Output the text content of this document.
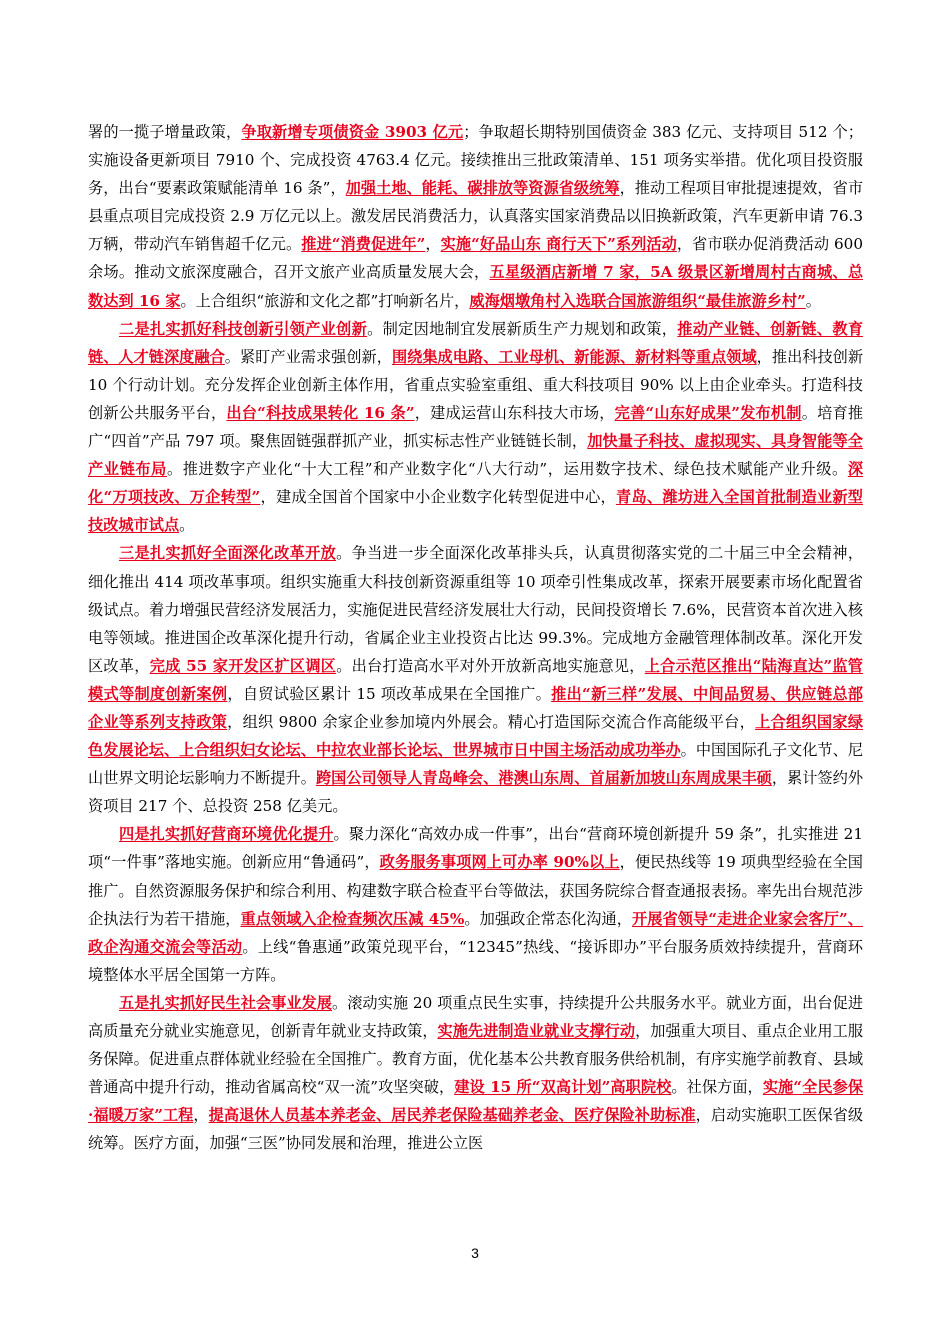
署的一揽子增量政策，争取新增专项债资金 3903 亿元；争取超长期特别国债资金 383 亿元、支持项目 512 个；实施设备更新项目 7910 个、完成投资 4763.4 亿元。接续推出三批政策清单、151 项务实举措。优化项目投资服务，出台“要素政策赋能清单 16 条”，加强土地、能耗、碳排放等资源省级统筹，推动工程项目审批提速提效，省市县重点项目完成投资 2.9 万亿元以上。激发居民消费活力，认真落实国家消费品以旧换新政策，汽车更新申请 76.3 万辆，带动汽车销售超千亿元。推进“消费促进年”，实施“好品山东 商行天下”系列活动，省市联办促消费活动 600 余场。推动文旅深度融合，召开文旅产业高质量发展大会，五星级酒店新增 7 家，5A 级景区新增周村古商城、总数达到 16 家。上合组织“旅游和文化之都”打响新名片，威海烟墩角村入选联合国旅游组织“最佳旅游乡村”。

二是扎实抓好科技创新引领产业创新。制定因地制宜发展新质生产力规划和政策，推动产业链、创新链、教育链、人才链深度融合。紧盯产业需求强创新，围绕集成电路、工业母机、新能源、新材料等重点领域，推出科技创新 10 个行动计划。充分发挥企业创新主体作用，省重点实验室重组、重大科技项目 90% 以上由企业牵头。打造科技创新公共服务平台，出台“科技成果转化 16 条”，建成运营山东科技大市场，完善“山东好成果”发布机制。培育推广“四首”产品 797 项。聚焦固链强群抓产业，抓实标志性产业链链长制，加快量子科技、虚拟现实、具身智能等全产业链布局。推进数字产业化“十大工程”和产业数字化“八大行动”，运用数字技术、绿色技术赋能产业升级。深化“万项技改、万企转型”，建成全国首个国家中小企业数字化转型促进中心，青岛、潍坊进入全国首批制造业新型技改城市试点。

三是扎实抓好全面深化改革开放。争当进一步全面深化改革排头兵，认真贯彻落实党的二十届三中全会精神，细化推出 414 项改革事项。组织实施重大科技创新资源重组等 10 项牵引性集成改革，探索开展要素市场化配置省级试点。着力增强民营经济发展活力，实施促进民营经济发展壮大行动，民间投资增长 7.6%，民营资本首次进入核电等领域。推进国企改革深化提升行动，省属企业主业投资占比达 99.3%。完成地方金融管理体制改革。深化开发区改革，完成 55 家开发区扩区调区。出台打造高水平对外开放新高地实施意见，上合示范区推出“陆海直达”监管模式等制度创新案例，自贸试验区累计 15 项改革成果在全国推广。推出“新三样”发展、中间品贸易、供应链总部企业等系列支持政策，组织 9800 余家企业参加境内外展会。精心打造国际交流合作高能级平台，上合组织国家绿色发展论坛、上合组织妇女论坛、中拉农业部长论坛、世界城市日中国主场活动成功举办。中国国际孔子文化节、尼山世界文明论坛影响力不断提升。跨国公司领导人青岛峰会、港澳山东周、首届新加坡山东周成果丰硕，累计签约外资项目 217 个、总投资 258 亿美元。

四是扎实抓好营商环境优化提升。聚力深化“高效办成一件事”，出台“营商环境创新提升 59 条”，扎实推进 21 项“一件事”落地实施。创新应用“鲁通码”，政务服务事项网上可办率 90%以上，便民热线等 19 项典型经验在全国推广。自然资源服务保护和综合利用、构建数字联合检查平台等做法，获国务院综合督查通报表扬。率先出台规范涉企执法行为若干措施，重点领域入企检查频次压减 45%。加强政企常态化沟通，开展省领导“走进企业家会客厅”、政企沟通交流会等活动。上线“鲁惠通”政策兑现平台，“12345”热线、“接诉即办”平台服务质效持续提升，营商环境整体水平居全国第一方阵。

五是扎实抓好民生社会事业发展。滚动实施 20 项重点民生实事，持续提升公共服务水平。就业方面，出台促进高质量充分就业实施意见，创新青年就业支持政策，实施先进制造业就业支撑行动，加强重大项目、重点企业用工服务保障。促进重点群体就业经验在全国推广。教育方面，优化基本公共教育服务供给机制，有序实施学前教育、县域普通高中提升行动，推动省属高校“双一流”攻坚突破，建设 15 所“双高计划”高职院校。社保方面，实施“全民参保·福暖万家”工程，提高退休人员基本养老金、居民养老保险基础养老金、医疗保险补助标准，启动实施职工医保省级统筹。医疗方面，加强“三医”协同发展和治理，推进公立医

3
